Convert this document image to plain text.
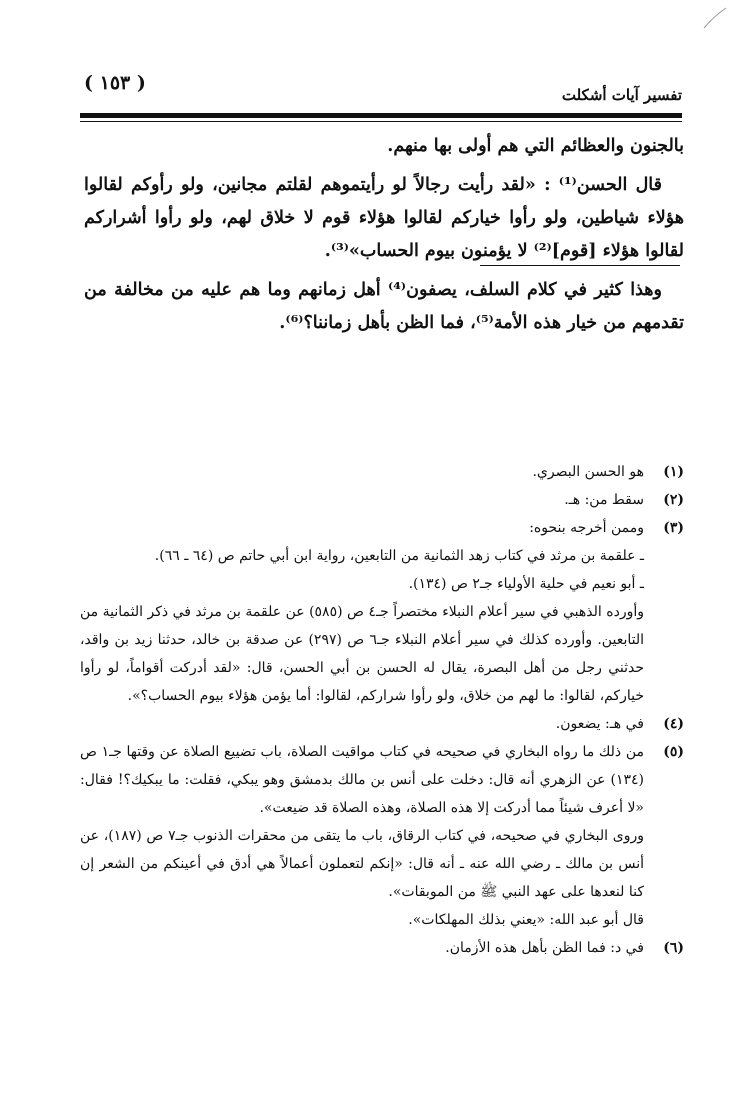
( ١٥٣ )
تفسير آيات أشكلت

بالجنون والعظائم التي هم أولى بها منهم.

قال الحسن⁽¹⁾ : «لقد رأيت رجالاً لو رأيتموهم لقلتم مجانين، ولو رأوكم لقالوا هؤلاء شياطين، ولو رأوا خياركم لقالوا هؤلاء قوم لا خلاق لهم، ولو رأوا أشراركم لقالوا هؤلاء [قوم]⁽²⁾ لا يؤمنون بيوم الحساب»⁽³⁾.

وهذا كثير في كلام السلف، يصفون⁽⁴⁾ أهل زمانهم وما هم عليه من مخالفة من تقدمهم من خيار هذه الأمة⁽⁵⁾، فما الظن بأهل زماننا؟⁽⁶⁾.

(١)
هو الحسن البصري.
(٢)
سقط من: هـ.
(٣)
وممن أخرجه بنحوه:
ـ علقمة بن مرثد في كتاب زهد الثمانية من التابعين، رواية ابن أبي حاتم ص (٦٤ ـ ٦٦).
ـ أبو نعيم في حلية الأولياء جـ٢ ص (١٣٤).
وأورده الذهبي في سير أعلام النبلاء مختصراً جـ٤ ص (٥٨٥) عن علقمة بن مرثد في ذكر الثمانية من التابعين. وأورده كذلك في سير أعلام النبلاء جـ٦ ص (٢٩٧) عن صدقة بن خالد، حدثنا زيد بن واقد، حدثني رجل من أهل البصرة، يقال له الحسن بن أبي الحسن، قال: «لقد أدركت أقواماً، لو رأوا خياركم، لقالوا: ما لهم من خلاق، ولو رأوا شراركم، لقالوا: أما يؤمن هؤلاء بيوم الحساب؟».
(٤)
في هـ: يضعون.
(٥)
من ذلك ما رواه البخاري في صحيحه في كتاب مواقيت الصلاة، باب تضييع الصلاة عن وقتها جـ١ ص (١٣٤) عن الزهري أنه قال: دخلت على أنس بن مالك بدمشق وهو يبكي، فقلت: ما يبكيك؟! فقال: «لا أعرف شيئاً مما أدركت إلا هذه الصلاة، وهذه الصلاة قد ضيعت».
وروى البخاري في صحيحه، في كتاب الرقاق، باب ما يتقى من محقرات الذنوب جـ٧ ص (١٨٧)، عن أنس بن مالك ـ رضي الله عنه ـ أنه قال: «إنكم لتعملون أعمالاً هي أدق في أعينكم من الشعر إن كنا لنعدها على عهد النبي ﷺ من الموبقات».
قال أبو عبد الله: «يعني بذلك المهلكات».
(٦)
في د: فما الظن بأهل هذه الأزمان.
